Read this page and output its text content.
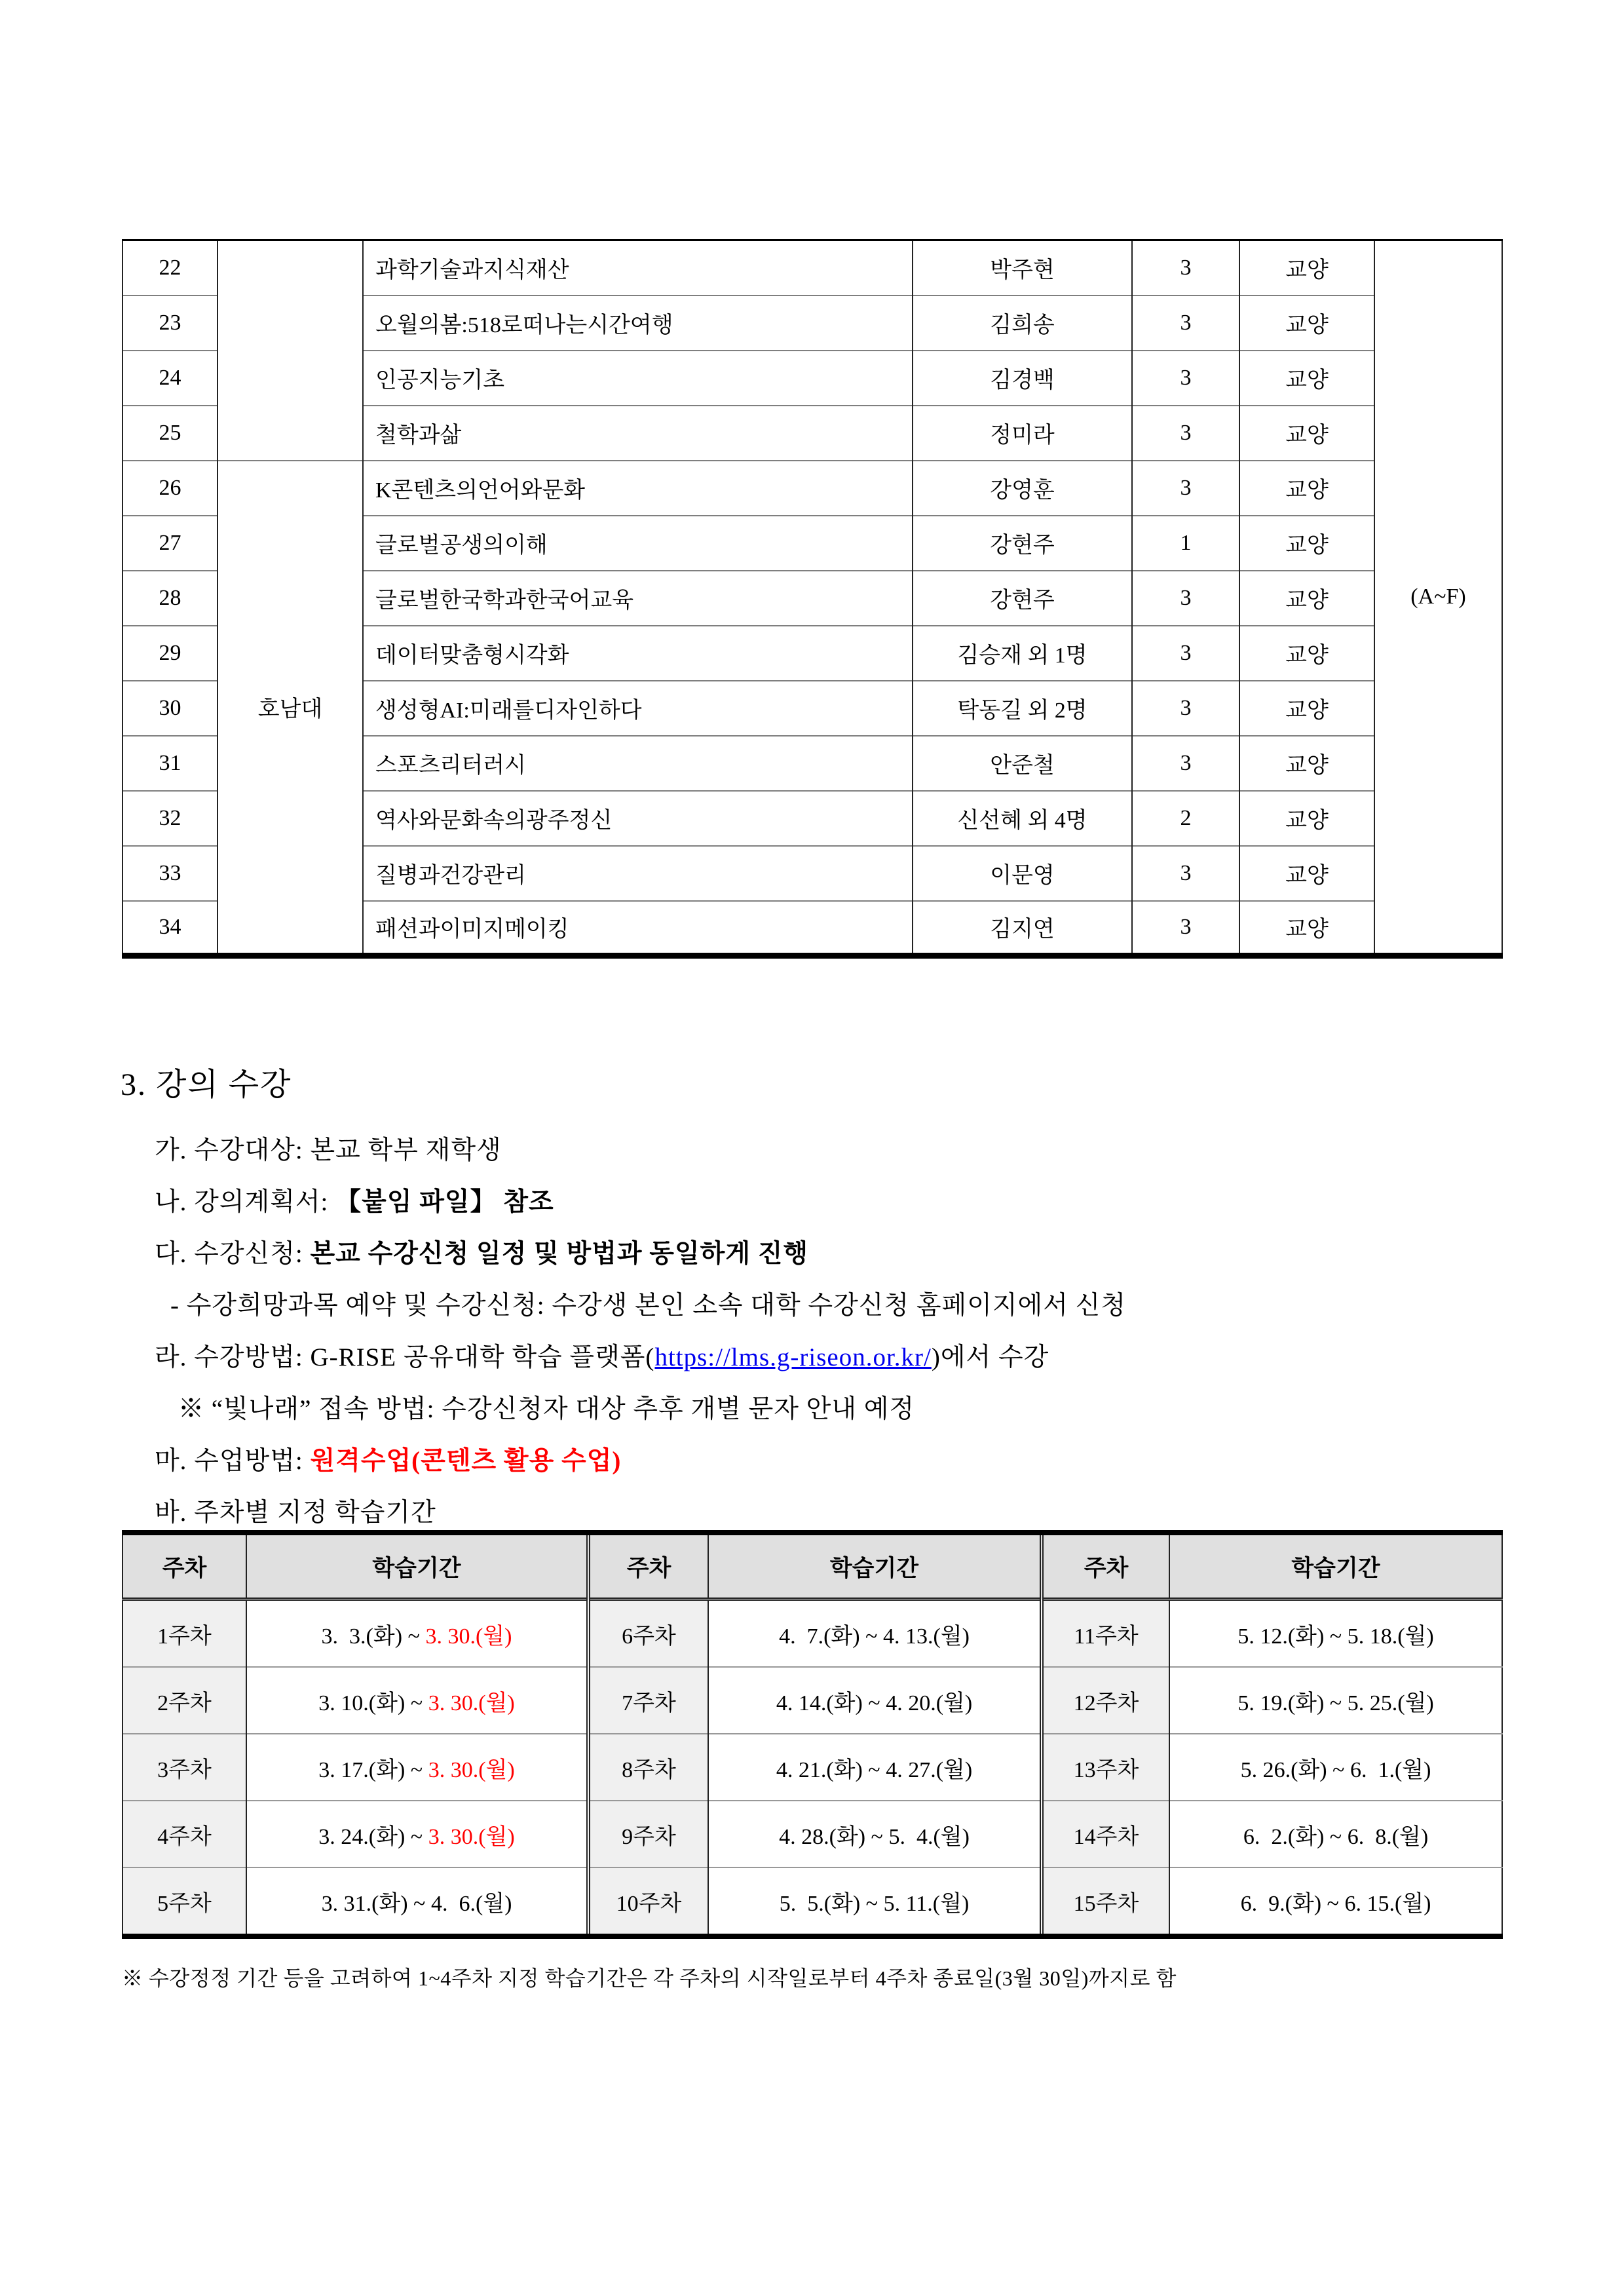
22		과학기술과지식재산	박주현	3	교양	(A~F)
23		오월의봄:518로떠나는시간여행	김희송	3	교양	
24		인공지능기초	김경백	3	교양	
25		철학과삶	정미라	3	교양	
26	호남대	K콘텐츠의언어와문화	강영훈	3	교양	
27		글로벌공생의이해	강현주	1	교양	
28		글로벌한국학과한국어교육	강현주	3	교양	
29		데이터맞춤형시각화	김승재 외 1명	3	교양	
30		생성형AI:미래를디자인하다	탁동길 외 2명	3	교양	
31		스포츠리터러시	안준철	3	교양	
32		역사와문화속의광주정신	신선혜 외 4명	2	교양	
33		질병과건강관리	이문영	3	교양	
34		패션과이미지메이킹	김지연	3	교양	
3. 강의 수강
가. 수강대상: 본교 학부 재학생
나. 강의계획서: 【붙임 파일】 참조
다. 수강신청: 본교 수강신청 일정 및 방법과 동일하게 진행
- 수강희망과목 예약 및 수강신청: 수강생 본인 소속 대학 수강신청 홈페이지에서 신청
라. 수강방법: G-RISE 공유대학 학습 플랫폼(https://lms.g-riseon.or.kr/)에서 수강
※ “빛나래” 접속 방법: 수강신청자 대상 추후 개별 문자 안내 예정
마. 수업방법: 원격수업(콘텐츠 활용 수업)
바. 주차별 지정 학습기간
주차	학습기간	주차	학습기간	주차	학습기간
1주차	3.  3.(화) ~ 3. 30.(월)	6주차	4.  7.(화) ~ 4. 13.(월)	11주차	5. 12.(화) ~ 5. 18.(월)
2주차	3. 10.(화) ~ 3. 30.(월)	7주차	4. 14.(화) ~ 4. 20.(월)	12주차	5. 19.(화) ~ 5. 25.(월)
3주차	3. 17.(화) ~ 3. 30.(월)	8주차	4. 21.(화) ~ 4. 27.(월)	13주차	5. 26.(화) ~ 6.  1.(월)
4주차	3. 24.(화) ~ 3. 30.(월)	9주차	4. 28.(화) ~ 5.  4.(월)	14주차	6.  2.(화) ~ 6.  8.(월)
5주차	3. 31.(화) ~ 4.  6.(월)	10주차	5.  5.(화) ~ 5. 11.(월)	15주차	6.  9.(화) ~ 6. 15.(월)
※ 수강정정 기간 등을 고려하여 1~4주차 지정 학습기간은 각 주차의 시작일로부터 4주차 종료일(3월 30일)까지로 함
